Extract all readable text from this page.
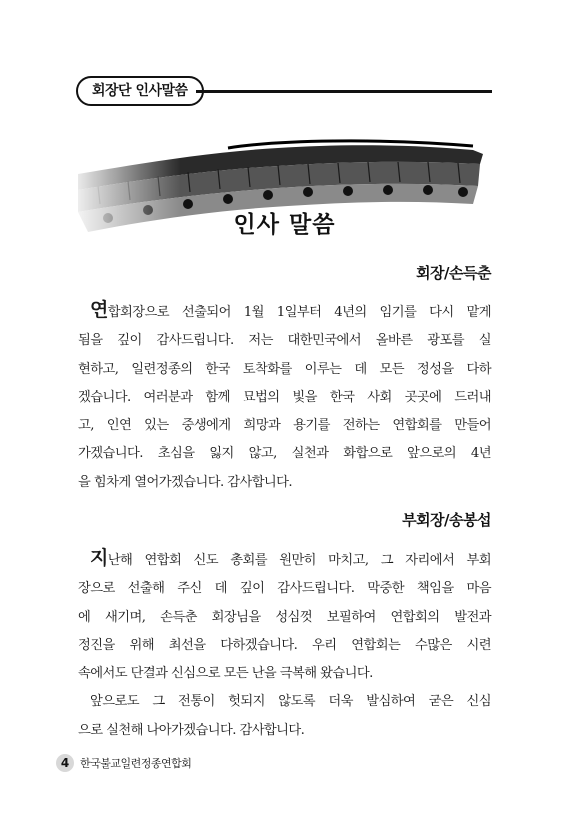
회장단 인사말씀
인사 말씀
회장/손득춘
연합회장으로 선출되어 1월 1일부터 4년의 임기를 다시 맡게
됨을 깊이 감사드립니다. 저는 대한민국에서 올바른 광포를 실
현하고, 일련정종의 한국 토착화를 이루는 데 모든 정성을 다하
겠습니다. 여러분과 함께 묘법의 빛을 한국 사회 곳곳에 드러내
고, 인연 있는 중생에게 희망과 용기를 전하는 연합회를 만들어
가겠습니다. 초심을 잃지 않고, 실천과 화합으로 앞으로의 4년
을 힘차게 열어가겠습니다. 감사합니다.
부회장/송봉섭
지난해 연합회 신도 총회를 원만히 마치고, 그 자리에서 부회
장으로 선출해 주신 데 깊이 감사드립니다. 막중한 책임을 마음
에 새기며, 손득춘 회장님을 성심껏 보필하여 연합회의 발전과
정진을 위해 최선을 다하겠습니다. 우리 연합회는 수많은 시련
속에서도 단결과 신심으로 모든 난을 극복해 왔습니다.
앞으로도 그 전통이 헛되지 않도록 더욱 발심하여 굳은 신심
으로 실천해 나아가겠습니다. 감사합니다.
4 한국불교일련정종연합회
